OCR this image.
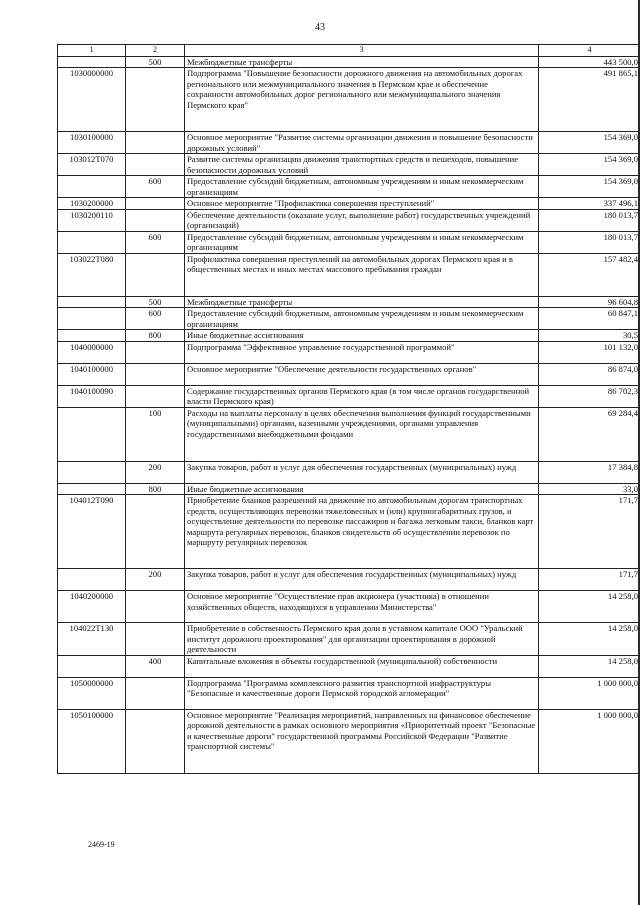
43
1	2	3	4
	500	Межбюджетные трансферты	443 500,0
1030000000		Подпрограмма "Повышение безопасности дорожного движения на автомобильных дорогах регионального или межмуниципального значения в Пермском крае и обеспечение сохранности автомобильных дорог регионального или межмуниципального значения Пермского края"	491 865,1
1030100000		Основное мероприятие "Развитие системы организации движения и повышение безопасности дорожных условий"	154 369,0
103012Т070		Развитие системы организации движения транспортных средств и пешеходов, повышение безопасности дорожных условий	154 369,0
	600	Предоставление субсидий бюджетным, автономным учреждениям и иным некоммерческим организациям	154 369,0
1030200000		Основное мероприятие "Профилактика совершения преступлений"	337 496,1
1030200110		Обеспечение деятельности (оказание услуг, выполнение работ) государственных учреждений (организаций)	180 013,7
	600	Предоставление субсидий бюджетным, автономным учреждениям и иным некоммерческим организациям	180 013,7
103022Т080		Профилактика совершения преступлений на автомобильных дорогах Пермского края и в общественных местах и иных местах массового пребывания граждан	157 482,4
	500	Межбюджетные трансферты	96 604,8
	600	Предоставление субсидий бюджетным, автономным учреждениям и иным некоммерческим организациям	60 847,1
	800	Иные бюджетные ассигнования	30,5
1040000000		Подпрограмма "Эффективное управление государственной программой"	101 132,0
1040100000		Основное мероприятие "Обеспечение деятельности государственных органов"	86 874,0
1040100090		Содержание государственных органов Пермского края (в том числе органов государственной власти Пермского края)	86 702,3
	100	Расходы на выплаты персоналу в целях обеспечения выполнения функций государственными (муниципальными) органами, казенными учреждениями, органами управления государственными внебюджетными фондами	69 284,4
	200	Закупка товаров, работ и услуг для обеспечения государственных (муниципальных) нужд	17 384,8
	800	Иные бюджетные ассигнования	33,0
104012Т090		Приобретение бланков разрешений на движение по автомобильным дорогам транспортных средств, осуществляющих перевозки тяжеловесных и (или) крупногабаритных грузов, и осуществление деятельности по перевозке пассажиров и багажа легковым такси, бланков карт маршрута регулярных перевозок, бланков свидетельств об осуществлении перевозок по маршруту регулярных перевозок	171,7
	200	Закупка товаров, работ и услуг для обеспечения государственных (муниципальных) нужд	171,7
1040200000		Основное мероприятие "Осуществление прав акционера (участника) в отношении хозяйственных обществ, находящихся в управлении Министерства"	14 258,0
104022Т130		Приобретение в собственность Пермского края доли в уставном капитале ООО "Уральский институт дорожного проектирования" для организации проектирования в дорожной деятельности	14 258,0
	400	Капитальные вложения в объекты государственной (муниципальной) собственности	14 258,0
1050000000		Подпрограмма "Программа комплексного развития транспортной инфраструктуры "Безопасные и качественные дороги Пермской городской агломерации"	1 000 000,0
1050100000		Основное мероприятие "Реализация мероприятий, направленных на финансовое обеспечение дорожной деятельности в рамках основного мероприятия «Приоритетный проект "Безопасные и качественные дороги" государственной программы Российской Федерации "Развитие транспортной системы"	1 000 000,0
2469-19
